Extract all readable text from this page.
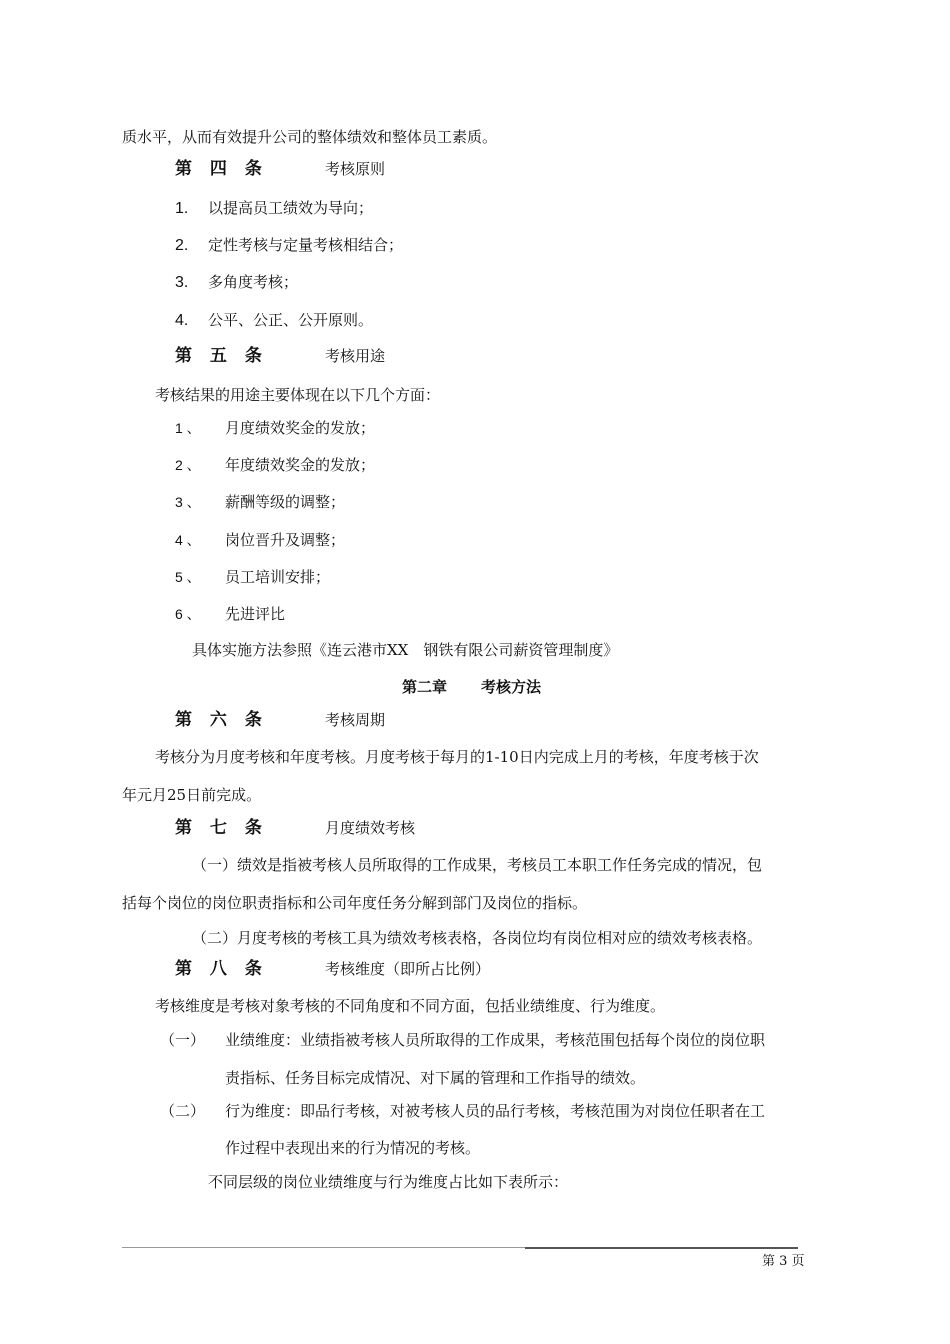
质水平，从而有效提升公司的整体绩效和整体员工素质。
第 四 条	考核原则
1. 以提高员工绩效为导向；
2. 定性考核与定量考核相结合；
3. 多角度考核；
4. 公平、公正、公开原则。
第 五 条	考核用途
考核结果的用途主要体现在以下几个方面：
1 、 月度绩效奖金的发放；
2 、 年度绩效奖金的发放；
3 、 薪酬等级的调整；
4 、 岗位晋升及调整；
5 、 员工培训安排；
6 、 先进评比
具体实施方法参照《连云港市XX　钢铁有限公司薪资管理制度》
第二章 考核方法
第 六 条	考核周期
考核分为月度考核和年度考核。月度考核于每月的1-10日内完成上月的考核，年度考核于次
年元月25日前完成。
第 七 条	月度绩效考核
（一）绩效是指被考核人员所取得的工作成果，考核员工本职工作任务完成的情况，包
括每个岗位的岗位职责指标和公司年度任务分解到部门及岗位的指标。
（二）月度考核的考核工具为绩效考核表格，各岗位均有岗位相对应的绩效考核表格。
第 八 条	考核维度（即所占比例）
考核维度是考核对象考核的不同角度和不同方面，包括业绩维度、行为维度。
（一） 业绩维度：业绩指被考核人员所取得的工作成果，考核范围包括每个岗位的岗位职
责指标、任务目标完成情况、对下属的管理和工作指导的绩效。
（二） 行为维度：即品行考核，对被考核人员的品行考核，考核范围为对岗位任职者在工
作过程中表现出来的行为情况的考核。
不同层级的岗位业绩维度与行为维度占比如下表所示：
第 3 页
